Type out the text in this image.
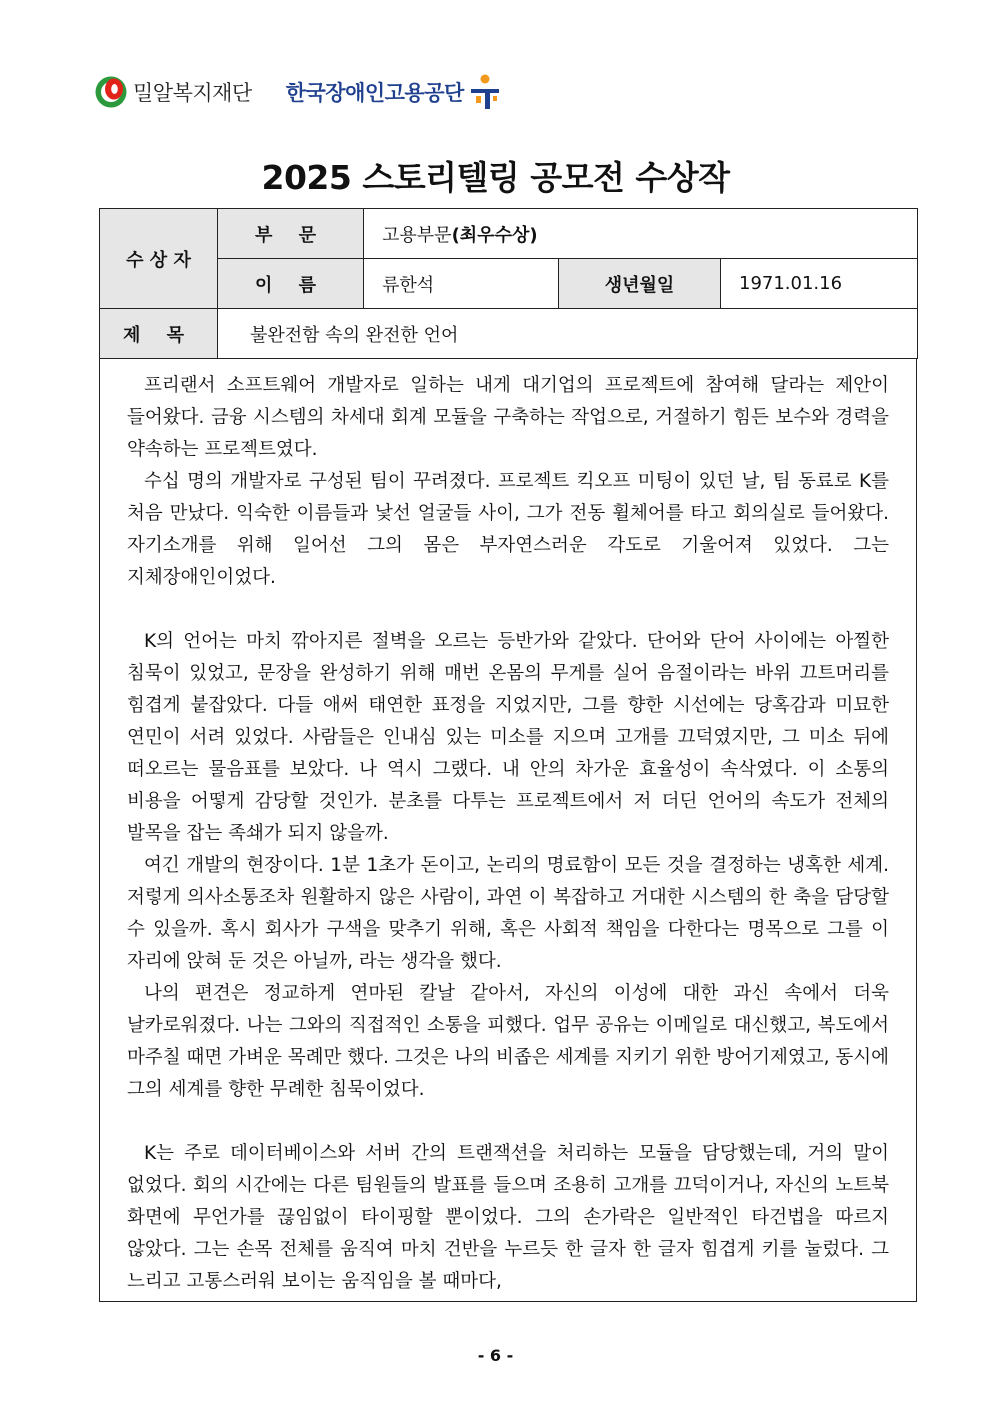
밀알복지재단 한국장애인고용공단
2025 스토리텔링 공모전 수상작
수 상 자	부 문	고용부문(최우수상)		
	이 름	류한석	생년월일	1971.01.16
제 목	불완전함 속의 완전한 언어			

프리랜서 소프트웨어 개발자로 일하는 내게 대기업의 프로젝트에 참여해 달라는 제안이 들어왔다. 금융 시스템의 차세대 회계 모듈을 구축하는 작업으로, 거절하기 힘든 보수와 경력을 약속하는 프로젝트였다.

수십 명의 개발자로 구성된 팀이 꾸려졌다. 프로젝트 킥오프 미팅이 있던 날, 팀 동료로 K를 처음 만났다. 익숙한 이름들과 낯선 얼굴들 사이, 그가 전동 휠체어를 타고 회의실로 들어왔다. 자기소개를 위해 일어선 그의 몸은 부자연스러운 각도로 기울어져 있었다. 그는 지체장애인이었다.

K의 언어는 마치 깎아지른 절벽을 오르는 등반가와 같았다. 단어와 단어 사이에는 아찔한 침묵이 있었고, 문장을 완성하기 위해 매번 온몸의 무게를 실어 음절이라는 바위 끄트머리를 힘겹게 붙잡았다. 다들 애써 태연한 표정을 지었지만, 그를 향한 시선에는 당혹감과 미묘한 연민이 서려 있었다. 사람들은 인내심 있는 미소를 지으며 고개를 끄덕였지만, 그 미소 뒤에 떠오르는 물음표를 보았다. 나 역시 그랬다. 내 안의 차가운 효율성이 속삭였다. 이 소통의 비용을 어떻게 감당할 것인가. 분초를 다투는 프로젝트에서 저 더딘 언어의 속도가 전체의 발목을 잡는 족쇄가 되지 않을까.

여긴 개발의 현장이다. 1분 1초가 돈이고, 논리의 명료함이 모든 것을 결정하는 냉혹한 세계. 저렇게 의사소통조차 원활하지 않은 사람이, 과연 이 복잡하고 거대한 시스템의 한 축을 담당할 수 있을까. 혹시 회사가 구색을 맞추기 위해, 혹은 사회적 책임을 다한다는 명목으로 그를 이 자리에 앉혀 둔 것은 아닐까, 라는 생각을 했다.

나의 편견은 정교하게 연마된 칼날 같아서, 자신의 이성에 대한 과신 속에서 더욱 날카로워졌다. 나는 그와의 직접적인 소통을 피했다. 업무 공유는 이메일로 대신했고, 복도에서 마주칠 때면 가벼운 목례만 했다. 그것은 나의 비좁은 세계를 지키기 위한 방어기제였고, 동시에 그의 세계를 향한 무례한 침묵이었다.

K는 주로 데이터베이스와 서버 간의 트랜잭션을 처리하는 모듈을 담당했는데, 거의 말이 없었다. 회의 시간에는 다른 팀원들의 발표를 들으며 조용히 고개를 끄덕이거나, 자신의 노트북 화면에 무언가를 끊임없이 타이핑할 뿐이었다. 그의 손가락은 일반적인 타건법을 따르지 않았다. 그는 손목 전체를 움직여 마치 건반을 누르듯 한 글자 한 글자 힘겹게 키를 눌렀다. 그 느리고 고통스러워 보이는 움직임을 볼 때마다,

- 6 -
